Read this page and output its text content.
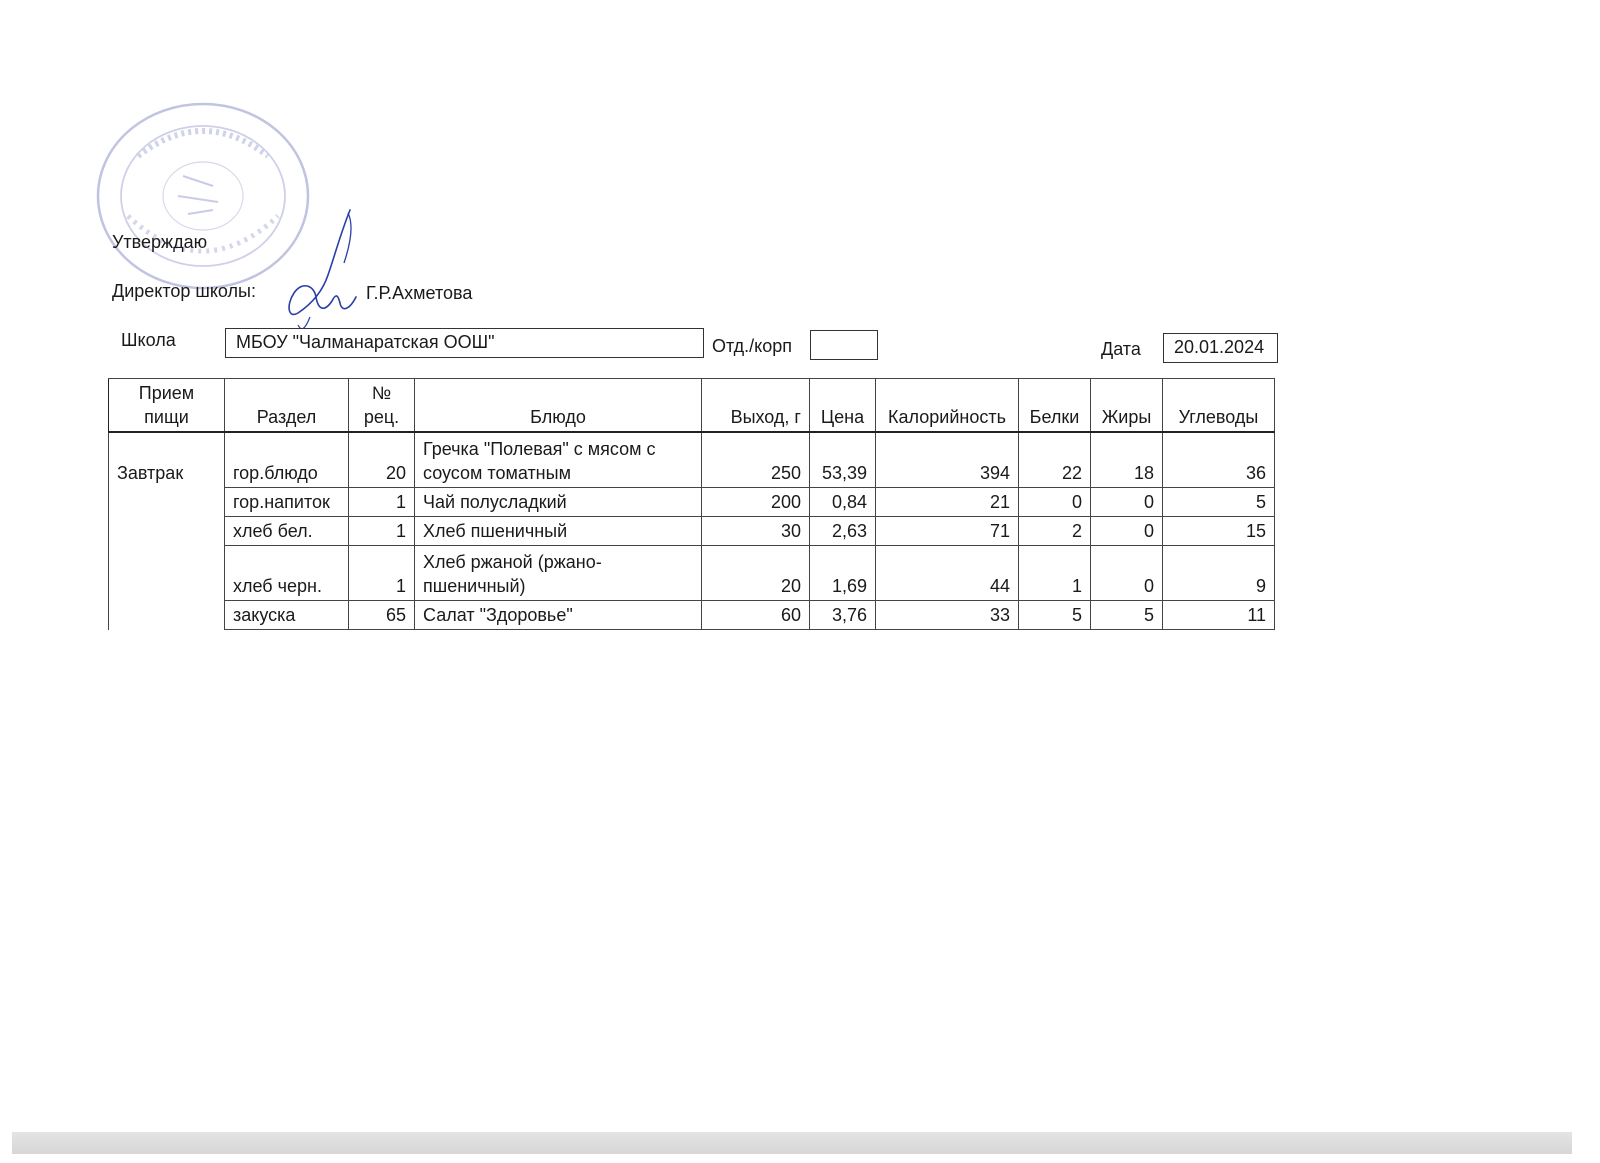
Утверждаю
Директор школы:	Г.Р.Ахметова
Школа	МБОУ "Чалманаратская ООШ"	Отд./корп	Дата	20.01.2024
Прием пищи	Раздел	№ рец.	Блюдо	Выход, г	Цена	Калорийность	Белки	Жиры	Углеводы
Завтрак	гор.блюдо	20	Гречка "Полевая" с мясом с соусом томатным	250	53,39	394	22	18	36
	гор.напиток	1	Чай полусладкий	200	0,84	21	0	0	5
	хлеб бел.	1	Хлеб пшеничный	30	2,63	71	2	0	15
	хлеб черн.	1	Хлеб ржаной (ржано-пшеничный)	20	1,69	44	1	0	9
	закуска	65	Салат "Здоровье"	60	3,76	33	5	5	11
